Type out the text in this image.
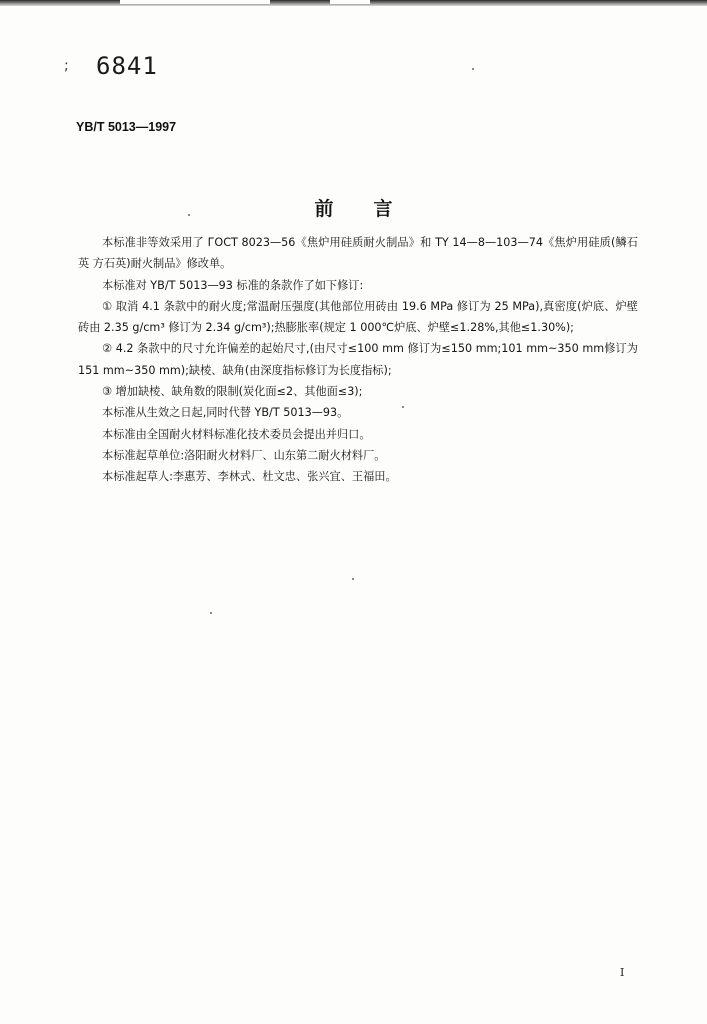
; 6841
YB/T 5013—1997
前言

本标准非等效采用了 ГОСТ 8023—56《焦炉用硅质耐火制品》和 TY 14—8—103—74《焦炉用硅质(鳞石英 方石英)耐火制品》修改单。

本标准对 YB/T 5013—93 标准的条款作了如下修订:

① 取消 4.1 条款中的耐火度;常温耐压强度(其他部位用砖由 19.6 MPa 修订为 25 MPa),真密度(炉底、炉壁砖由 2.35 g/cm³ 修订为 2.34 g/cm³);热膨胀率(规定 1 000℃炉底、炉壁≤1.28%,其他≤1.30%);

② 4.2 条款中的尺寸允许偏差的起始尺寸,(由尺寸≤100 mm 修订为≤150 mm;101 mm~350 mm修订为 151 mm~350 mm);缺棱、缺角(由深度指标修订为长度指标);

③ 增加缺棱、缺角数的限制(炭化面≤2、其他面≤3);

本标准从生效之日起,同时代替 YB/T 5013—93。

本标准由全国耐火材料标准化技术委员会提出并归口。

本标准起草单位:洛阳耐火材料厂、山东第二耐火材料厂。

本标准起草人:李惠芳、李林式、杜文忠、张兴宜、王福田。

I
